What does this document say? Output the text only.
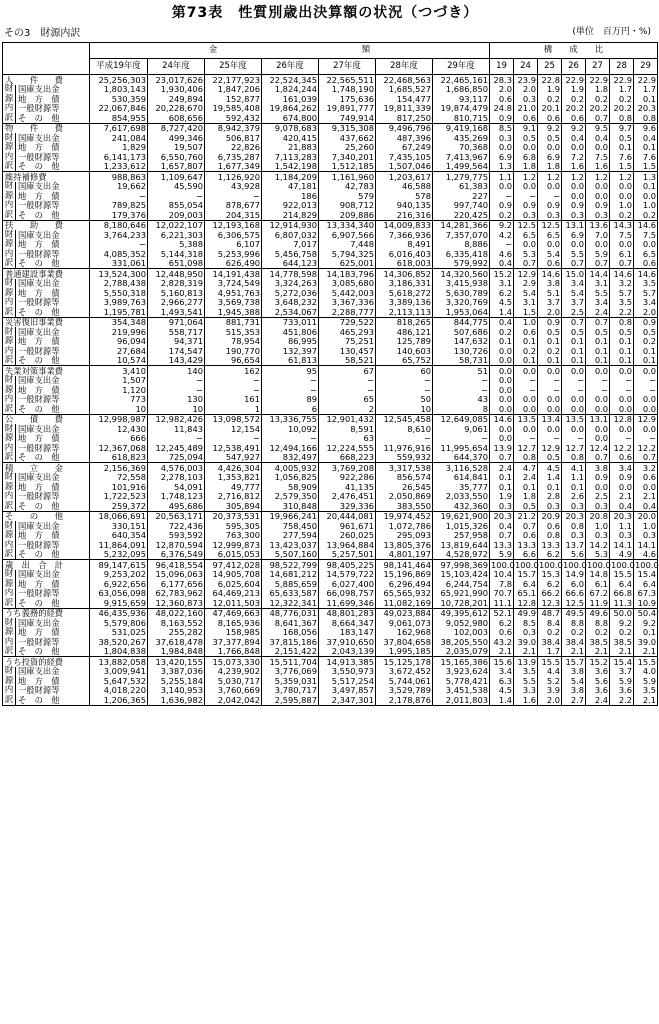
第73表　性質別歳出決算額の状況（つづき）
その3　財源内訳	(単位　百万円・%)
		金　　　　　　　　　　　　　　　　　額							構　　成　　比						
		平成19年度	24年度	25年度	26年度	27年度	28年度	29年度	19	24	25	26	27	28	29
人　　件　　費		25,256,303	23,017,626	22,177,923	22,524,345	22,565,511	22,468,563	22,465,161	28.3	23.9	22.8	22.9	22.9	22.9	22.9
財	国庫支出金	1,803,143	1,930,406	1,847,206	1,824,244	1,748,190	1,685,527	1,686,850	2.0	2.0	1.9	1.9	1.8	1.7	1.7
源	地　方　債	530,359	249,894	152,877	161,039	175,636	154,477	93,117	0.6	0.3	0.2	0.2	0.2	0.2	0.1
内	一般財源等	22,067,846	20,228,670	19,585,408	19,864,262	19,891,777	19,811,339	19,874,479	24.8	21.0	20.1	20.2	20.2	20.2	20.3
訳	そ　の　他	854,955	608,656	592,432	674,800	749,914	817,250	810,715	0.9	0.6	0.6	0.6	0.7	0.8	0.8
物　　件　　費		7,617,698	8,727,420	8,942,379	9,078,683	9,315,308	9,496,796	9,419,168	8.5	9.1	9.2	9.2	9.5	9.7	9.6
財	国庫支出金	241,084	499,346	506,817	420,415	437,662	487,396	435,269	0.3	0.5	0.5	0.4	0.4	0.5	0.4
源	地　方　債	1,829	19,507	22,826	21,883	25,260	67,249	70,368	0.0	0.0	0.0	0.0	0.0	0.1	0.1
内	一般財源等	6,141,173	6,550,760	6,735,287	7,113,283	7,340,201	7,435,105	7,413,967	6.9	6.8	6.9	7.2	7.5	7.6	7.6
訳	そ　の　他	1,233,612	1,657,807	1,677,349	1,542,198	1,512,185	1,507,046	1,499,564	1.3	1.8	1.8	1.6	1.6	1.5	1.5
維持補修費		988,863	1,109,647	1,126,920	1,184,209	1,161,960	1,203,617	1,279,775	1.1	1.2	1.2	1.2	1.2	1.2	1.3
財	国庫支出金	19,662	45,590	43,928	47,181	42,783	46,588	61,383	0.0	0.0	0.0	0.0	0.0	0.0	0.1
源	地　方　債	−	−	−	186	579	578	227	−	−	−	0.0	0.0	0.0	0.0
内	一般財源等	789,825	855,054	878,677	922,013	908,712	940,135	997,740	0.9	0.9	0.9	0.9	0.9	1.0	1.0
訳	そ　の　他	179,376	209,003	204,315	214,829	209,886	216,316	220,425	0.2	0.3	0.3	0.3	0.3	0.2	0.2
扶　　助　　費		8,180,646	12,022,107	12,193,168	12,914,930	13,334,340	14,009,833	14,281,366	9.2	12.5	12.5	13.1	13.6	14.3	14.6
財	国庫支出金	3,764,233	6,221,303	6,306,575	6,807,032	6,907,566	7,366,936	7,357,070	4.2	6.5	6.5	6.9	7.0	7.5	7.5
源	地　方　債	−	5,388	6,107	7,017	7,448	8,491	8,886	−	0.0	0.0	0.0	0.0	0.0	0.0
内	一般財源等	4,085,352	5,144,318	5,253,996	5,456,758	5,794,325	6,016,403	6,335,418	4.6	5.3	5.4	5.5	5.9	6.1	6.5
訳	そ　の　他	331,061	651,098	626,490	644,123	625,001	618,003	579,992	0.4	0.7	0.6	0.7	0.7	0.7	0.6
普通建設事業費		13,524,300	12,448,950	14,191,438	14,778,598	14,183,796	14,306,852	14,320,560	15.2	12.9	14.6	15.0	14.4	14.6	14.6
財	国庫支出金	2,788,438	2,828,319	3,724,549	3,324,263	3,085,680	3,186,331	3,415,938	3.1	2.9	3.8	3.4	3.1	3.2	3.5
源	地　方　債	5,550,318	5,160,813	4,951,763	5,272,036	5,442,003	5,618,272	5,630,789	6.2	5.4	5.1	5.4	5.5	5.7	5.7
内	一般財源等	3,989,763	2,966,277	3,569,738	3,648,232	3,367,336	3,389,136	3,320,769	4.5	3.1	3.7	3.7	3.4	3.5	3.4
訳	そ　の　他	1,195,781	1,493,541	1,945,388	2,534,067	2,288,777	2,113,113	1,953,064	1.4	1.5	2.0	2.5	2.4	2.2	2.0
災害復旧事業費		354,348	971,064	881,731	733,011	729,522	818,265	844,775	0.4	1.0	0.9	0.7	0.7	0.8	0.9
財	国庫支出金	219,996	558,717	515,353	451,806	465,293	486,121	507,686	0.2	0.6	0.5	0.5	0.5	0.5	0.5
源	地　方　債	96,094	94,371	78,954	86,995	75,251	125,789	147,632	0.1	0.1	0.1	0.1	0.1	0.1	0.2
内	一般財源等	27,684	174,547	190,770	132,397	130,457	140,603	130,726	0.0	0.2	0.2	0.1	0.1	0.1	0.1
訳	そ　の　他	10,574	143,429	96,654	61,813	58,521	65,752	58,731	0.0	0.1	0.1	0.1	0.1	0.1	0.1
失業対策事業費		3,410	140	162	95	67	60	51	0.0	0.0	0.0	0.0	0.0	0.0	0.0
財	国庫支出金	1,507	−	−	−	−	−	−	0.0	−	−	−	−	−	−
源	地　方　債	1,120	−	−	−	−	−	−	0.0	−	−	−	−	−	−
内	一般財源等	773	130	161	89	65	50	43	0.0	0.0	0.0	0.0	0.0	0.0	0.0
訳	そ　の　他	10	10	1	6	2	10	8	0.0	0.0	0.0	0.0	0.0	0.0	0.0
公　　債　　費		12,998,987	12,982,426	13,098,572	13,336,755	12,901,432	12,545,458	12,649,085	14.6	13.5	13.4	13.5	13.1	12.8	12.9
財	国庫支出金	12,430	11,843	12,154	10,092	8,591	8,610	9,061	0.0	0.0	0.0	0.0	0.0	0.0	0.0
源	地　方　債	666	−	−	−	63	−	−	0.0	−	−	−	0.0	−	−
内	一般財源等	12,367,068	12,245,489	12,538,491	12,494,166	12,224,555	11,976,916	11,995,654	13.9	12.7	12.9	12.7	12.4	12.2	12.2
訳	そ　の　他	618,823	725,094	547,927	832,497	668,223	559,932	644,370	0.7	0.8	0.5	0.8	0.7	0.6	0.7
積　　立　　金		2,156,369	4,576,003	4,426,304	4,005,932	3,769,208	3,317,538	3,116,528	2.4	4.7	4.5	4.1	3.8	3.4	3.2
財	国庫支出金	72,558	2,278,103	1,353,821	1,056,825	922,286	856,574	614,841	0.1	2.4	1.4	1.1	0.9	0.9	0.6
源	地　方　債	101,916	54,091	49,777	58,909	41,135	26,545	35,777	0.1	0.1	0.1	0.1	0.0	0.0	0.0
内	一般財源等	1,722,523	1,748,123	2,716,812	2,579,350	2,476,451	2,050,869	2,033,550	1.9	1.8	2.8	2.6	2.5	2.1	2.1
訳	そ　の　他	259,372	495,686	305,894	310,848	329,336	383,550	432,360	0.3	0.5	0.3	0.3	0.3	0.4	0.4
そ　　の　　他		18,066,691	20,563,171	20,373,531	19,966,241	20,444,081	19,974,452	19,621,900	20.3	21.2	20.9	20.3	20.8	20.3	20.0
財	国庫支出金	330,151	722,436	595,305	758,450	961,671	1,072,786	1,015,326	0.4	0.7	0.6	0.8	1.0	1.1	1.0
源	地　方　債	640,354	593,592	763,300	277,594	260,025	295,093	257,958	0.7	0.6	0.8	0.3	0.3	0.3	0.3
内	一般財源等	11,864,091	12,870,594	12,999,873	13,423,037	13,964,884	13,805,376	13,819,644	13.3	13.3	13.3	13.7	14.2	14.1	14.1
訳	そ　の　他	5,232,095	6,376,549	6,015,053	5,507,160	5,257,501	4,801,197	4,528,972	5.9	6.6	6.2	5.6	5.3	4.9	4.6
歳　出　合　計		89,147,615	96,418,554	97,412,028	98,522,799	98,405,225	98,141,464	97,998,369	100.0	100.0	100.0	100.0	100.0	100.0	100.0
財	国庫支出金	9,253,202	15,096,063	14,905,708	14,681,212	14,579,722	15,196,869	15,103,424	10.4	15.7	15.3	14.9	14.8	15.5	15.4
源	地　方　債	6,922,656	6,177,656	6,025,604	5,885,659	6,027,400	6,296,494	6,244,754	7.8	6.4	6.2	6.0	6.1	6.4	6.4
内	一般財源等	63,056,098	62,783,962	64,469,213	65,633,587	66,098,757	65,565,932	65,921,990	70.7	65.1	66.2	66.6	67.2	66.8	67.3
訳	そ　の　他	9,915,659	12,360,873	12,011,503	12,322,341	11,699,346	11,082,169	10,728,201	11.1	12.8	12.3	12.5	11.9	11.3	10.9
うち義務的経費		46,435,936	48,022,160	47,469,663	48,776,031	48,801,283	49,023,884	49,395,612	52.1	49.9	48.7	49.5	49.6	50.0	50.4
財	国庫支出金	5,579,806	8,163,552	8,165,936	8,641,367	8,664,347	9,061,073	9,052,980	6.2	8.5	8.4	8.8	8.8	9.2	9.2
源	地　方　債	531,025	255,282	158,985	168,056	183,147	162,968	102,003	0.6	0.3	0.2	0.2	0.2	0.2	0.1
内	一般財源等	38,520,267	37,618,478	37,377,894	37,815,186	37,910,650	37,804,658	38,205,550	43.2	39.0	38.4	38.4	38.5	38.5	39.0
訳	そ　の　他	1,804,838	1,984,848	1,766,848	2,151,422	2,043,139	1,995,185	2,035,079	2.1	2.1	1.7	2.1	2.1	2.1	2.1
うち投資的経費		13,882,058	13,420,155	15,073,330	15,511,704	14,913,385	15,125,178	15,165,386	15.6	13.9	15.5	15.7	15.2	15.4	15.5
財	国庫支出金	3,009,941	3,387,036	4,239,902	3,776,069	3,550,973	3,672,452	3,923,624	3.4	3.5	4.4	3.8	3.6	3.7	4.0
源	地　方　債	5,647,532	5,255,184	5,030,717	5,359,031	5,517,254	5,744,061	5,778,421	6.3	5.5	5.2	5.4	5.6	5.9	5.9
内	一般財源等	4,018,220	3,140,953	3,760,669	3,780,717	3,497,857	3,529,789	3,451,538	4.5	3.3	3.9	3.8	3.6	3.6	3.5
訳	そ　の　他	1,206,365	1,636,982	2,042,042	2,595,887	2,347,301	2,178,876	2,011,803	1.4	1.6	2.0	2.7	2.4	2.2	2.1
